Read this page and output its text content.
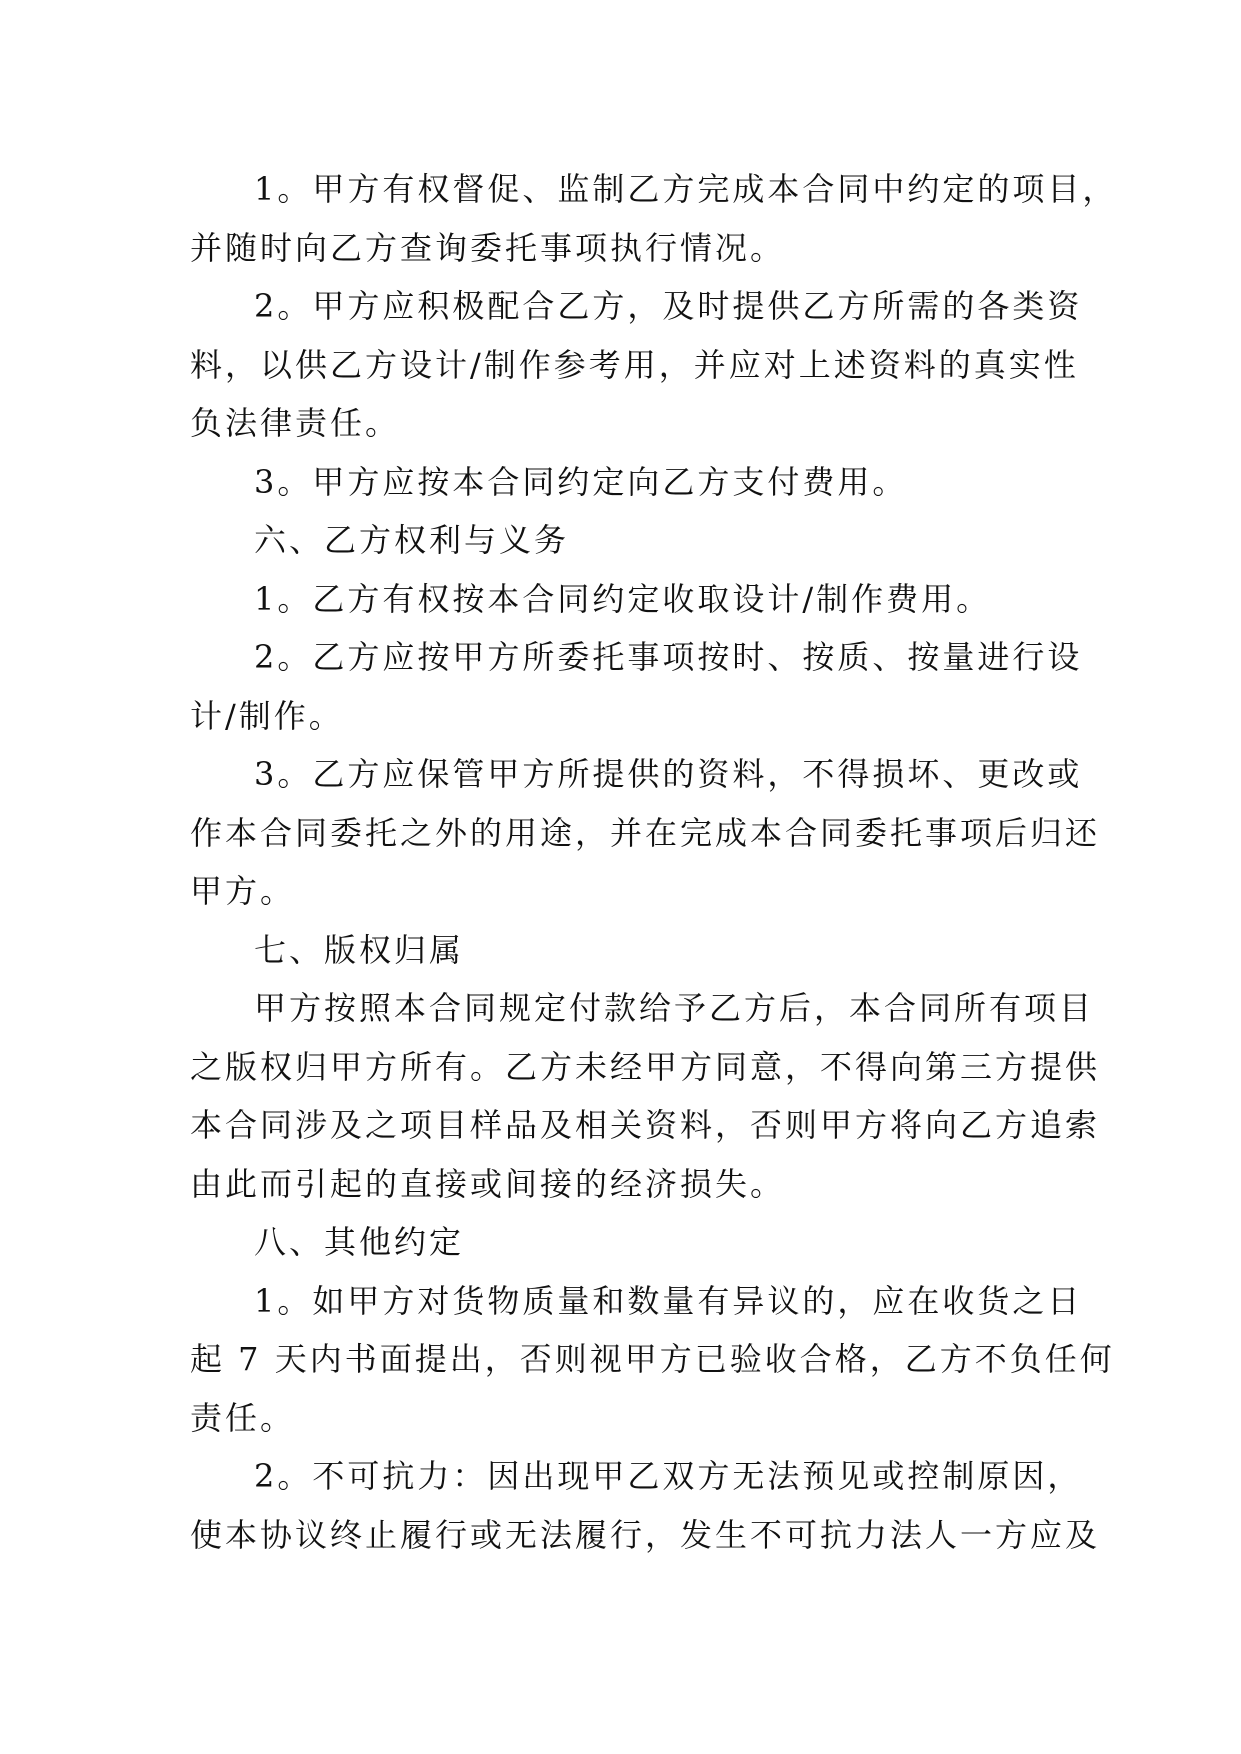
1。甲方有权督促、监制乙方完成本合同中约定的项目，

并随时向乙方查询委托事项执行情况。

2。甲方应积极配合乙方，及时提供乙方所需的各类资

料，以供乙方设计/制作参考用，并应对上述资料的真实性

负法律责任。

3。甲方应按本合同约定向乙方支付费用。

六、乙方权利与义务

1。乙方有权按本合同约定收取设计/制作费用。

2。乙方应按甲方所委托事项按时、按质、按量进行设

计/制作。

3。乙方应保管甲方所提供的资料，不得损坏、更改或

作本合同委托之外的用途，并在完成本合同委托事项后归还

甲方。

七、版权归属

甲方按照本合同规定付款给予乙方后，本合同所有项目

之版权归甲方所有。乙方未经甲方同意，不得向第三方提供

本合同涉及之项目样品及相关资料，否则甲方将向乙方追索

由此而引起的直接或间接的经济损失。

八、其他约定

1。如甲方对货物质量和数量有异议的，应在收货之日

起 7 天内书面提出，否则视甲方已验收合格，乙方不负任何

责任。

2。不可抗力：因出现甲乙双方无法预见或控制原因，

使本协议终止履行或无法履行，发生不可抗力法人一方应及
